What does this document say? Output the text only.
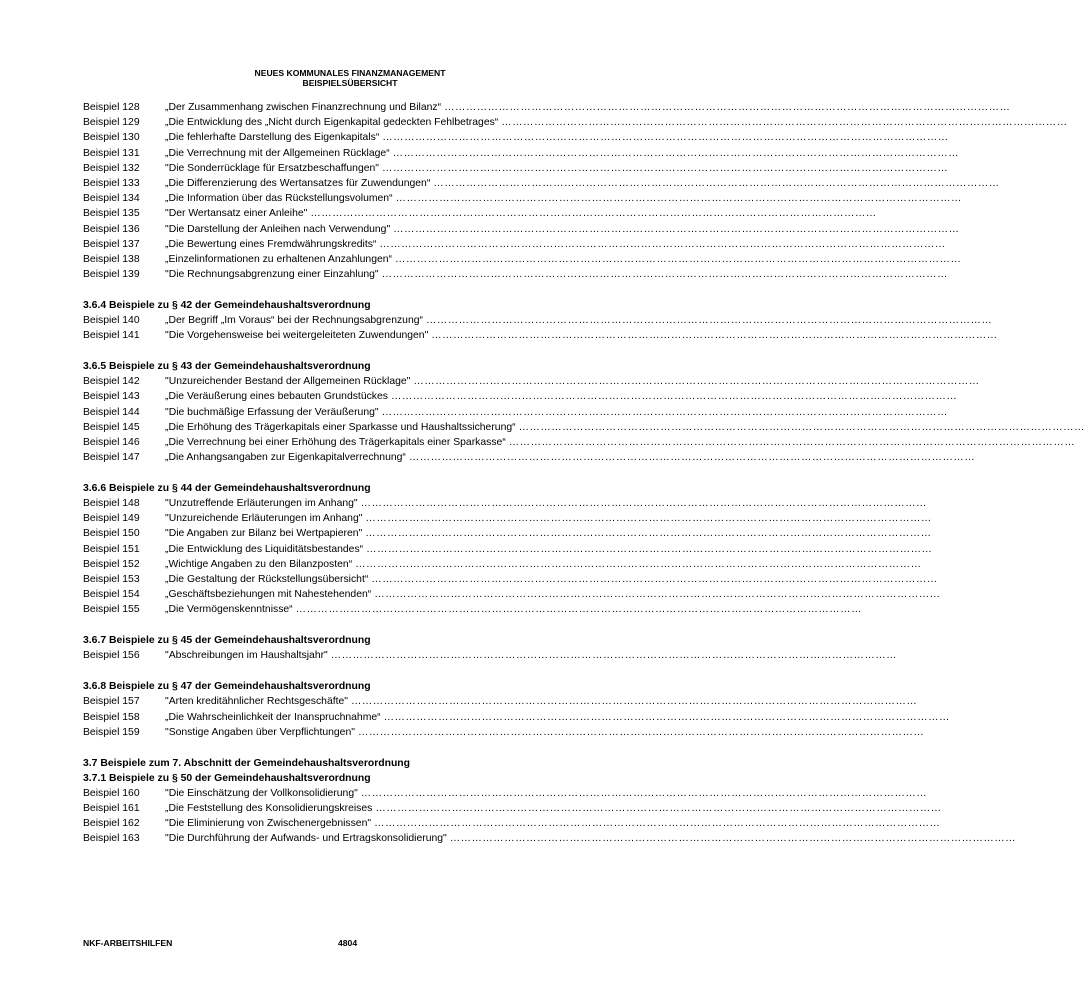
NEUES KOMMUNALES FINANZMANAGEMENT
BEISPIELSÜBERSICHT
Beispiel 128	„Der Zusammenhang zwischen Finanzrechnung und Bilanz“ …………………………………………………………………………………………………………………………………………
Beispiel 129	„Die Entwicklung des „Nicht durch Eigenkapital gedeckten Fehlbetrages“ …………………………………………………………………………………………………………………………………………
Beispiel 130	„Die fehlerhafte Darstellung des Eigenkapitals“ …………………………………………………………………………………………………………………………………………
Beispiel 131	„Die Verrechnung mit der Allgemeinen Rücklage“ …………………………………………………………………………………………………………………………………………
Beispiel 132	"Die Sonderrücklage für Ersatzbeschaffungen" …………………………………………………………………………………………………………………………………………
Beispiel 133	„Die Differenzierung des Wertansatzes für Zuwendungen“ …………………………………………………………………………………………………………………………………………
Beispiel 134	„Die Information über das Rückstellungsvolumen“ …………………………………………………………………………………………………………………………………………
Beispiel 135	"Der Wertansatz einer Anleihe" …………………………………………………………………………………………………………………………………………
Beispiel 136	"Die Darstellung der Anleihen nach Verwendung" …………………………………………………………………………………………………………………………………………
Beispiel 137	„Die Bewertung eines Fremdwährungskredits“ …………………………………………………………………………………………………………………………………………
Beispiel 138	„Einzelinformationen zu erhaltenen Anzahlungen“ …………………………………………………………………………………………………………………………………………
Beispiel 139	"Die Rechnungsabgrenzung einer Einzahlung" …………………………………………………………………………………………………………………………………………
3.6.4 Beispiele zu § 42 der Gemeindehaushaltsverordnung
Beispiel 140	„Der Begriff „Im Voraus“ bei der Rechnungsabgrenzung“ …………………………………………………………………………………………………………………………………………
Beispiel 141	"Die Vorgehensweise bei weitergeleiteten Zuwendungen" …………………………………………………………………………………………………………………………………………
3.6.5 Beispiele zu § 43 der Gemeindehaushaltsverordnung
Beispiel 142	"Unzureichender Bestand der Allgemeinen Rücklage" …………………………………………………………………………………………………………………………………………
Beispiel 143	„Die Veräußerung eines bebauten Grundstückes …………………………………………………………………………………………………………………………………………
Beispiel 144	"Die buchmäßige Erfassung der Veräußerung" …………………………………………………………………………………………………………………………………………
Beispiel 145	„Die Erhöhung des Trägerkapitals einer Sparkasse und Haushaltssicherung“ …………………………………………………………………………………………………………………………………………
Beispiel 146	„Die Verrechnung bei einer Erhöhung des Trägerkapitals einer Sparkasse“ …………………………………………………………………………………………………………………………………………
Beispiel 147	„Die Anhangsangaben zur Eigenkapitalverrechnung“ …………………………………………………………………………………………………………………………………………
3.6.6 Beispiele zu § 44 der Gemeindehaushaltsverordnung
Beispiel 148	"Unzutreffende Erläuterungen im Anhang" …………………………………………………………………………………………………………………………………………
Beispiel 149	"Unzureichende Erläuterungen im Anhang" …………………………………………………………………………………………………………………………………………
Beispiel 150	"Die Angaben zur Bilanz bei Wertpapieren" …………………………………………………………………………………………………………………………………………
Beispiel 151	„Die Entwicklung des Liquiditätsbestandes“ …………………………………………………………………………………………………………………………………………
Beispiel 152	„Wichtige Angaben zu den Bilanzposten“ …………………………………………………………………………………………………………………………………………
Beispiel 153	„Die Gestaltung der Rückstellungsübersicht“ …………………………………………………………………………………………………………………………………………
Beispiel 154	„Geschäftsbeziehungen mit Nahestehenden“ …………………………………………………………………………………………………………………………………………
Beispiel 155	„Die Vermögenskenntnisse“ …………………………………………………………………………………………………………………………………………
3.6.7 Beispiele zu § 45 der Gemeindehaushaltsverordnung
Beispiel 156	"Abschreibungen im Haushaltsjahr" …………………………………………………………………………………………………………………………………………
3.6.8 Beispiele zu § 47 der Gemeindehaushaltsverordnung
Beispiel 157	"Arten kreditähnlicher Rechtsgeschäfte" …………………………………………………………………………………………………………………………………………
Beispiel 158	„Die Wahrscheinlichkeit der Inanspruchnahme“ …………………………………………………………………………………………………………………………………………
Beispiel 159	"Sonstige Angaben über Verpflichtungen" …………………………………………………………………………………………………………………………………………
3.7 Beispiele zum 7. Abschnitt der Gemeindehaushaltsverordnung
3.7.1 Beispiele zu § 50 der Gemeindehaushaltsverordnung
Beispiel 160	"Die Einschätzung der Vollkonsolidierung" …………………………………………………………………………………………………………………………………………
Beispiel 161	„Die Feststellung des Konsolidierungskreises …………………………………………………………………………………………………………………………………………
Beispiel 162	"Die Eliminierung von Zwischenergebnissen" …………………………………………………………………………………………………………………………………………
Beispiel 163	"Die Durchführung der Aufwands- und Ertragskonsolidierung" …………………………………………………………………………………………………………………………………………
NKF-ARBEITSHILFEN	4804
